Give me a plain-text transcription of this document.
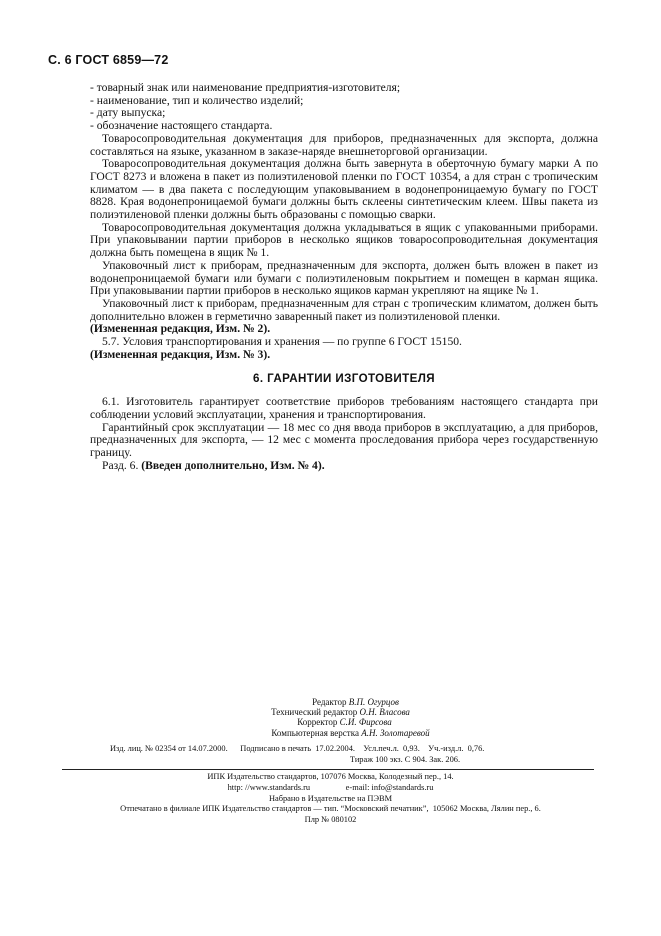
С. 6 ГОСТ 6859—72

- товарный знак или наименование предприятия-изготовителя;

- наименование, тип и количество изделий;

- дату выпуска;

- обозначение настоящего стандарта.

Товаросопроводительная документация для приборов, предназначенных для экспорта, должна составляться на языке, указанном в заказе-наряде внешнеторговой организации.

Товаросопроводительная документация должна быть завернута в оберточную бумагу марки А по ГОСТ 8273 и вложена в пакет из полиэтиленовой пленки по ГОСТ 10354, а для стран с тропическим климатом — в два пакета с последующим упаковыванием в водонепроницаемую бумагу по ГОСТ 8828. Края водонепроницаемой бумаги должны быть склеены синтетическим клеем. Швы пакета из полиэтиленовой пленки должны быть образованы с помощью сварки.

Товаросопроводительная документация должна укладываться в ящик с упакованными приборами. При упаковывании партии приборов в несколько ящиков товаросопроводительная документация должна быть помещена в ящик № 1.

Упаковочный лист к приборам, предназначенным для экспорта, должен быть вложен в пакет из водонепроницаемой бумаги или бумаги с полиэтиленовым покрытием и помещен в карман ящика. При упаковывании партии приборов в несколько ящиков карман укрепляют на ящике № 1.

Упаковочный лист к приборам, предназначенным для стран с тропическим климатом, должен быть дополнительно вложен в герметично заваренный пакет из полиэтиленовой пленки.

(Измененная редакция, Изм. № 2).

5.7. Условия транспортирования и хранения — по группе 6 ГОСТ 15150.

(Измененная редакция, Изм. № 3).

6. ГАРАНТИИ ИЗГОТОВИТЕЛЯ

6.1. Изготовитель гарантирует соответствие приборов требованиям настоящего стандарта при соблюдении условий эксплуатации, хранения и транспортирования.

Гарантийный срок эксплуатации — 18 мес со дня ввода приборов в эксплуатацию, а для приборов, предназначенных для экспорта, — 12 мес с момента проследования прибора через государственную границу.

Разд. 6. (Введен дополнительно, Изм. № 4).

Редактор В.П. Огурцов
Технический редактор О.Н. Власова
Корректор С.И. Фирсова
Компьютерная верстка А.Н. Золотаревой
Изд. лиц. № 02354 от 14.07.2000.      Подписано в печать  17.02.2004.    Усл.печ.л.  0,93.    Уч.-изд.л.  0,76.
Тираж 100 экз. С 904. Зак. 206.
ИПК Издательство стандартов, 107076 Москва, Колодезный пер., 14.
http: //www.standards.ru                 e-mail: info@standards.ru
Набрано в Издательстве на ПЭВМ
Отпечатано в филиале ИПК Издательство стандартов — тип. “Московский печатник”,  105062 Москва, Лялин пер., 6.
Плр № 080102
